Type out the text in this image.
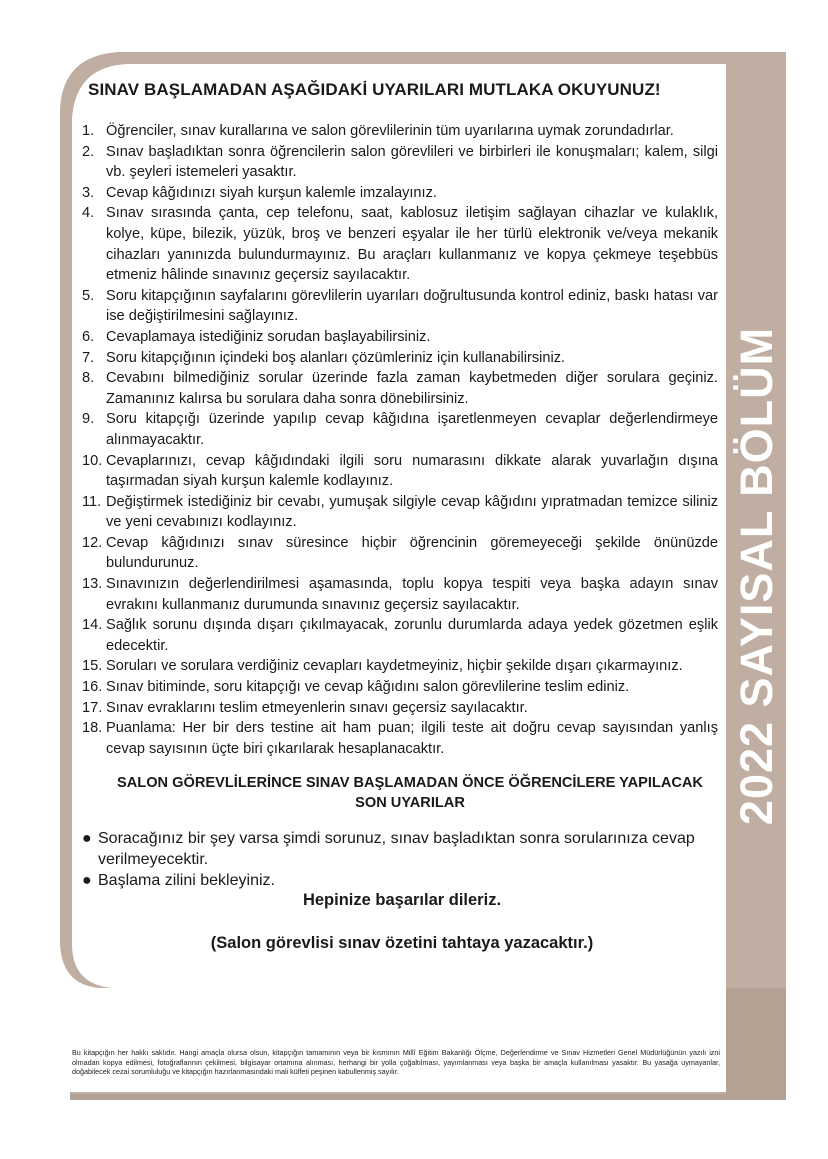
2022 SAYISAL BÖLÜM
SINAV BAŞLAMADAN AŞAĞIDAKİ UYARILARI MUTLAKA OKUYUNUZ!
1. Öğrenciler, sınav kurallarına ve salon görevlilerinin tüm uyarılarına uymak zorundadırlar.
2. Sınav başladıktan sonra öğrencilerin salon görevlileri ve birbirleri ile konuşmaları; kalem, silgi vb. şeyleri istemeleri yasaktır.
3. Cevap kâğıdınızı siyah kurşun kalemle imzalayınız.
4. Sınav sırasında çanta, cep telefonu, saat, kablosuz iletişim sağlayan cihazlar ve kulaklık, kolye, küpe, bilezik, yüzük, broş ve benzeri eşyalar ile her türlü elektronik ve/veya mekanik cihazları yanınızda bulundurmayınız. Bu araçları kullanmanız ve kopya çekmeye teşebbüs etmeniz hâlinde sınavınız geçersiz sayılacaktır.
5. Soru kitapçığının sayfalarını görevlilerin uyarıları doğrultusunda kontrol ediniz, baskı hatası var ise değiştirilmesini sağlayınız.
6. Cevaplamaya istediğiniz sorudan başlayabilirsiniz.
7. Soru kitapçığının içindeki boş alanları çözümleriniz için kullanabilirsiniz.
8. Cevabını bilmediğiniz sorular üzerinde fazla zaman kaybetmeden diğer sorulara geçiniz. Zamanınız kalırsa bu sorulara daha sonra dönebilirsiniz.
9. Soru kitapçığı üzerinde yapılıp cevap kâğıdına işaretlenmeyen cevaplar değerlendirmeye alınmayacaktır.
10. Cevaplarınızı, cevap kâğıdındaki ilgili soru numarasını dikkate alarak yuvarlağın dışına taşırmadan siyah kurşun kalemle kodlayınız.
11. Değiştirmek istediğiniz bir cevabı, yumuşak silgiyle cevap kâğıdını yıpratmadan temizce siliniz ve yeni cevabınızı kodlayınız.
12. Cevap kâğıdınızı sınav süresince hiçbir öğrencinin göremeyeceği şekilde önünüzde bulundurunuz.
13. Sınavınızın değerlendirilmesi aşamasında, toplu kopya tespiti veya başka adayın sınav evrakını kullanmanız durumunda sınavınız geçersiz sayılacaktır.
14. Sağlık sorunu dışında dışarı çıkılmayacak, zorunlu durumlarda adaya yedek gözetmen eşlik edecektir.
15. Soruları ve sorulara verdiğiniz cevapları kaydetmeyiniz, hiçbir şekilde dışarı çıkarmayınız.
16. Sınav bitiminde, soru kitapçığı ve cevap kâğıdını salon görevlilerine teslim ediniz.
17. Sınav evraklarını teslim etmeyenlerin sınavı geçersiz sayılacaktır.
18. Puanlama: Her bir ders testine ait ham puan; ilgili teste ait doğru cevap sayısından yanlış cevap sayısının üçte biri çıkarılarak hesaplanacaktır.
SALON GÖREVLİLERİNCE SINAV BAŞLAMADAN ÖNCE ÖĞRENCİLERE YAPILACAK
SON UYARILAR
● Soracağınız bir şey varsa şimdi sorunuz, sınav başladıktan sonra sorularınıza cevap verilmeyecektir.
● Başlama zilini bekleyiniz.
Hepinize başarılar dileriz.
(Salon görevlisi sınav özetini tahtaya yazacaktır.)
Bu kitapçığın her hakkı saklıdır. Hangi amaçla olursa olsun, kitapçığın tamamının veya bir kısmının Millî Eğitim Bakanlığı Ölçme, Değerlendirme ve Sınav Hizmetleri Genel Müdürlüğünün yazılı izni olmadan kopya edilmesi, fotoğraflarının çekilmesi, bilgisayar ortamına alınması, herhangi bir yolla çoğaltılması, yayımlanması veya başka bir amaçla kullanılması yasaktır. Bu yasağa uymayanlar, doğabilecek cezai sorumluluğu ve kitapçığın hazırlanmasındaki mali külfeti peşinen kabullenmiş sayılır.
